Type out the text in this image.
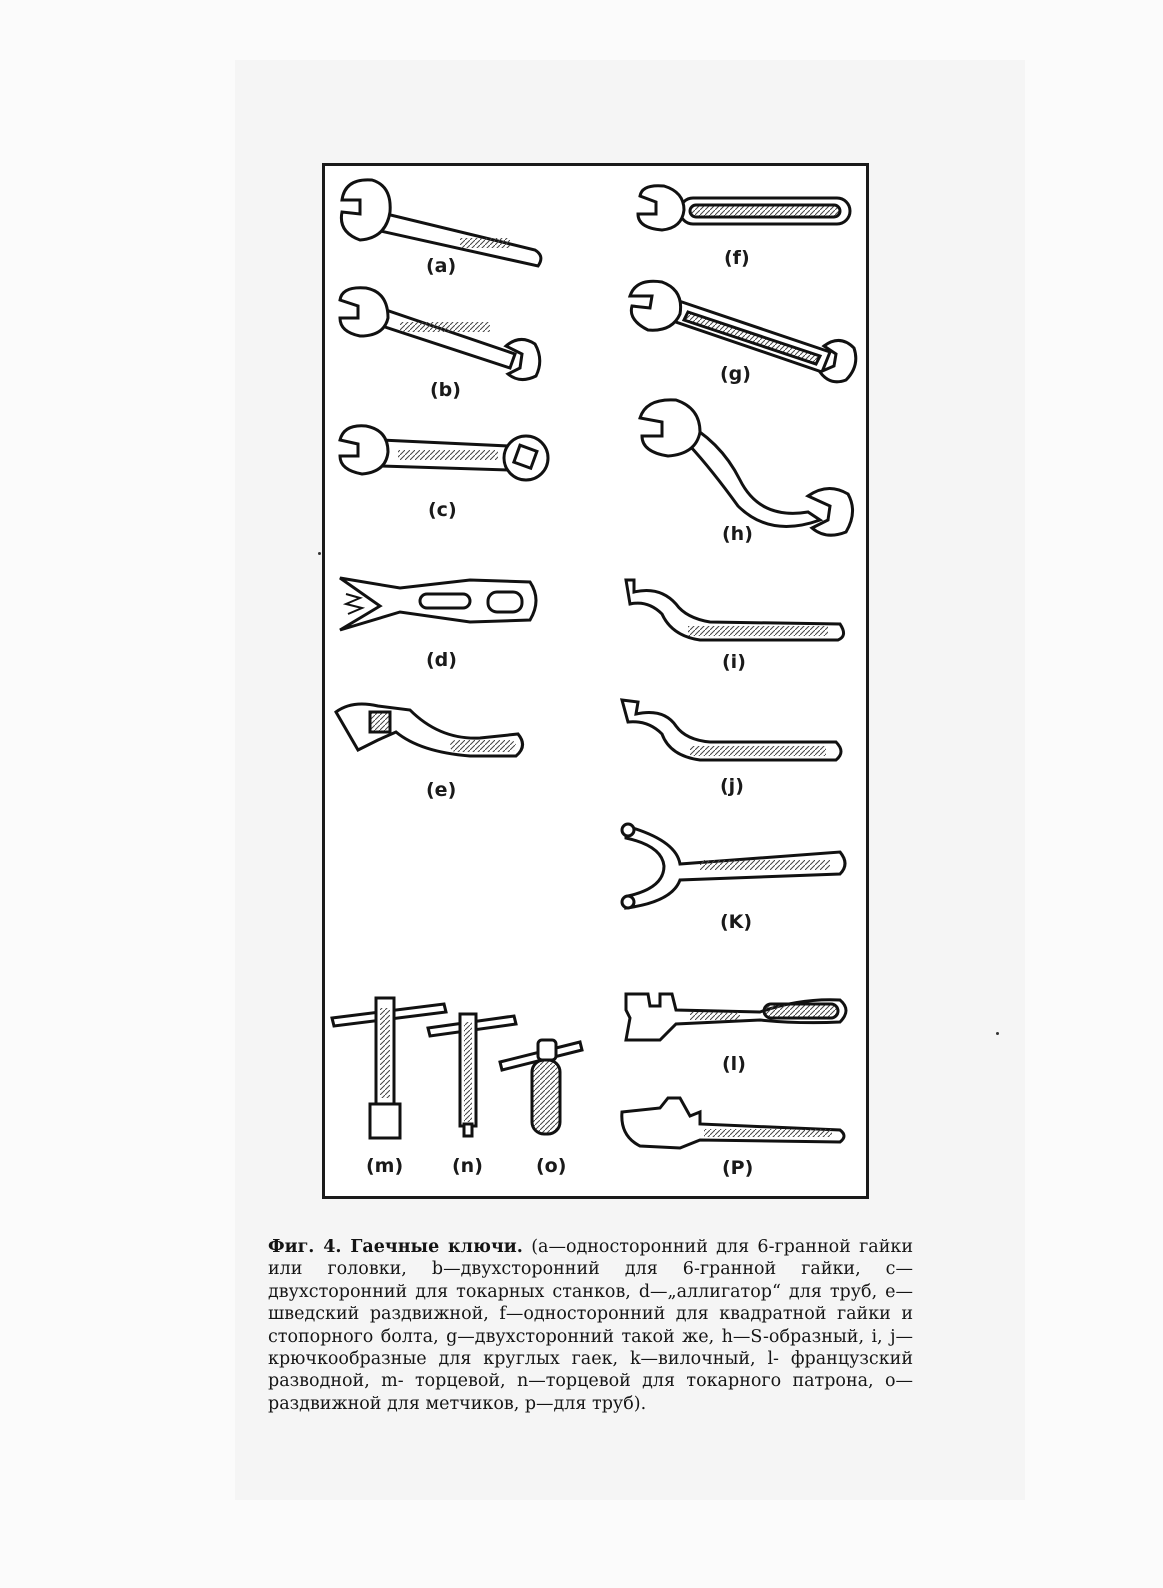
(a)
(b)
(c)
(d)
(e)
(f)
(g)
(h)
(i)
(j)
(K)
(l)
(P)
(m)	(n)	(o)
Фиг. 4. Гаечные ключи. (a—односторонний для 6-гранной гайки или головки, b—двухсторонний для 6-гранной гайки, c—двухсторонний для токарных станков, d—„аллигатор“ для труб, e—шведский раздвижной, f—односторонний для квадратной гайки и стопорного болта, g—двухсторонний такой же, h—S-образный, i, j—крючкообразные для круглых гаек, k—вилочный, l- французский разводной, m- торцевой, n—торцевой для токарного патрона, o—раздвижной для метчиков, p—для труб).
